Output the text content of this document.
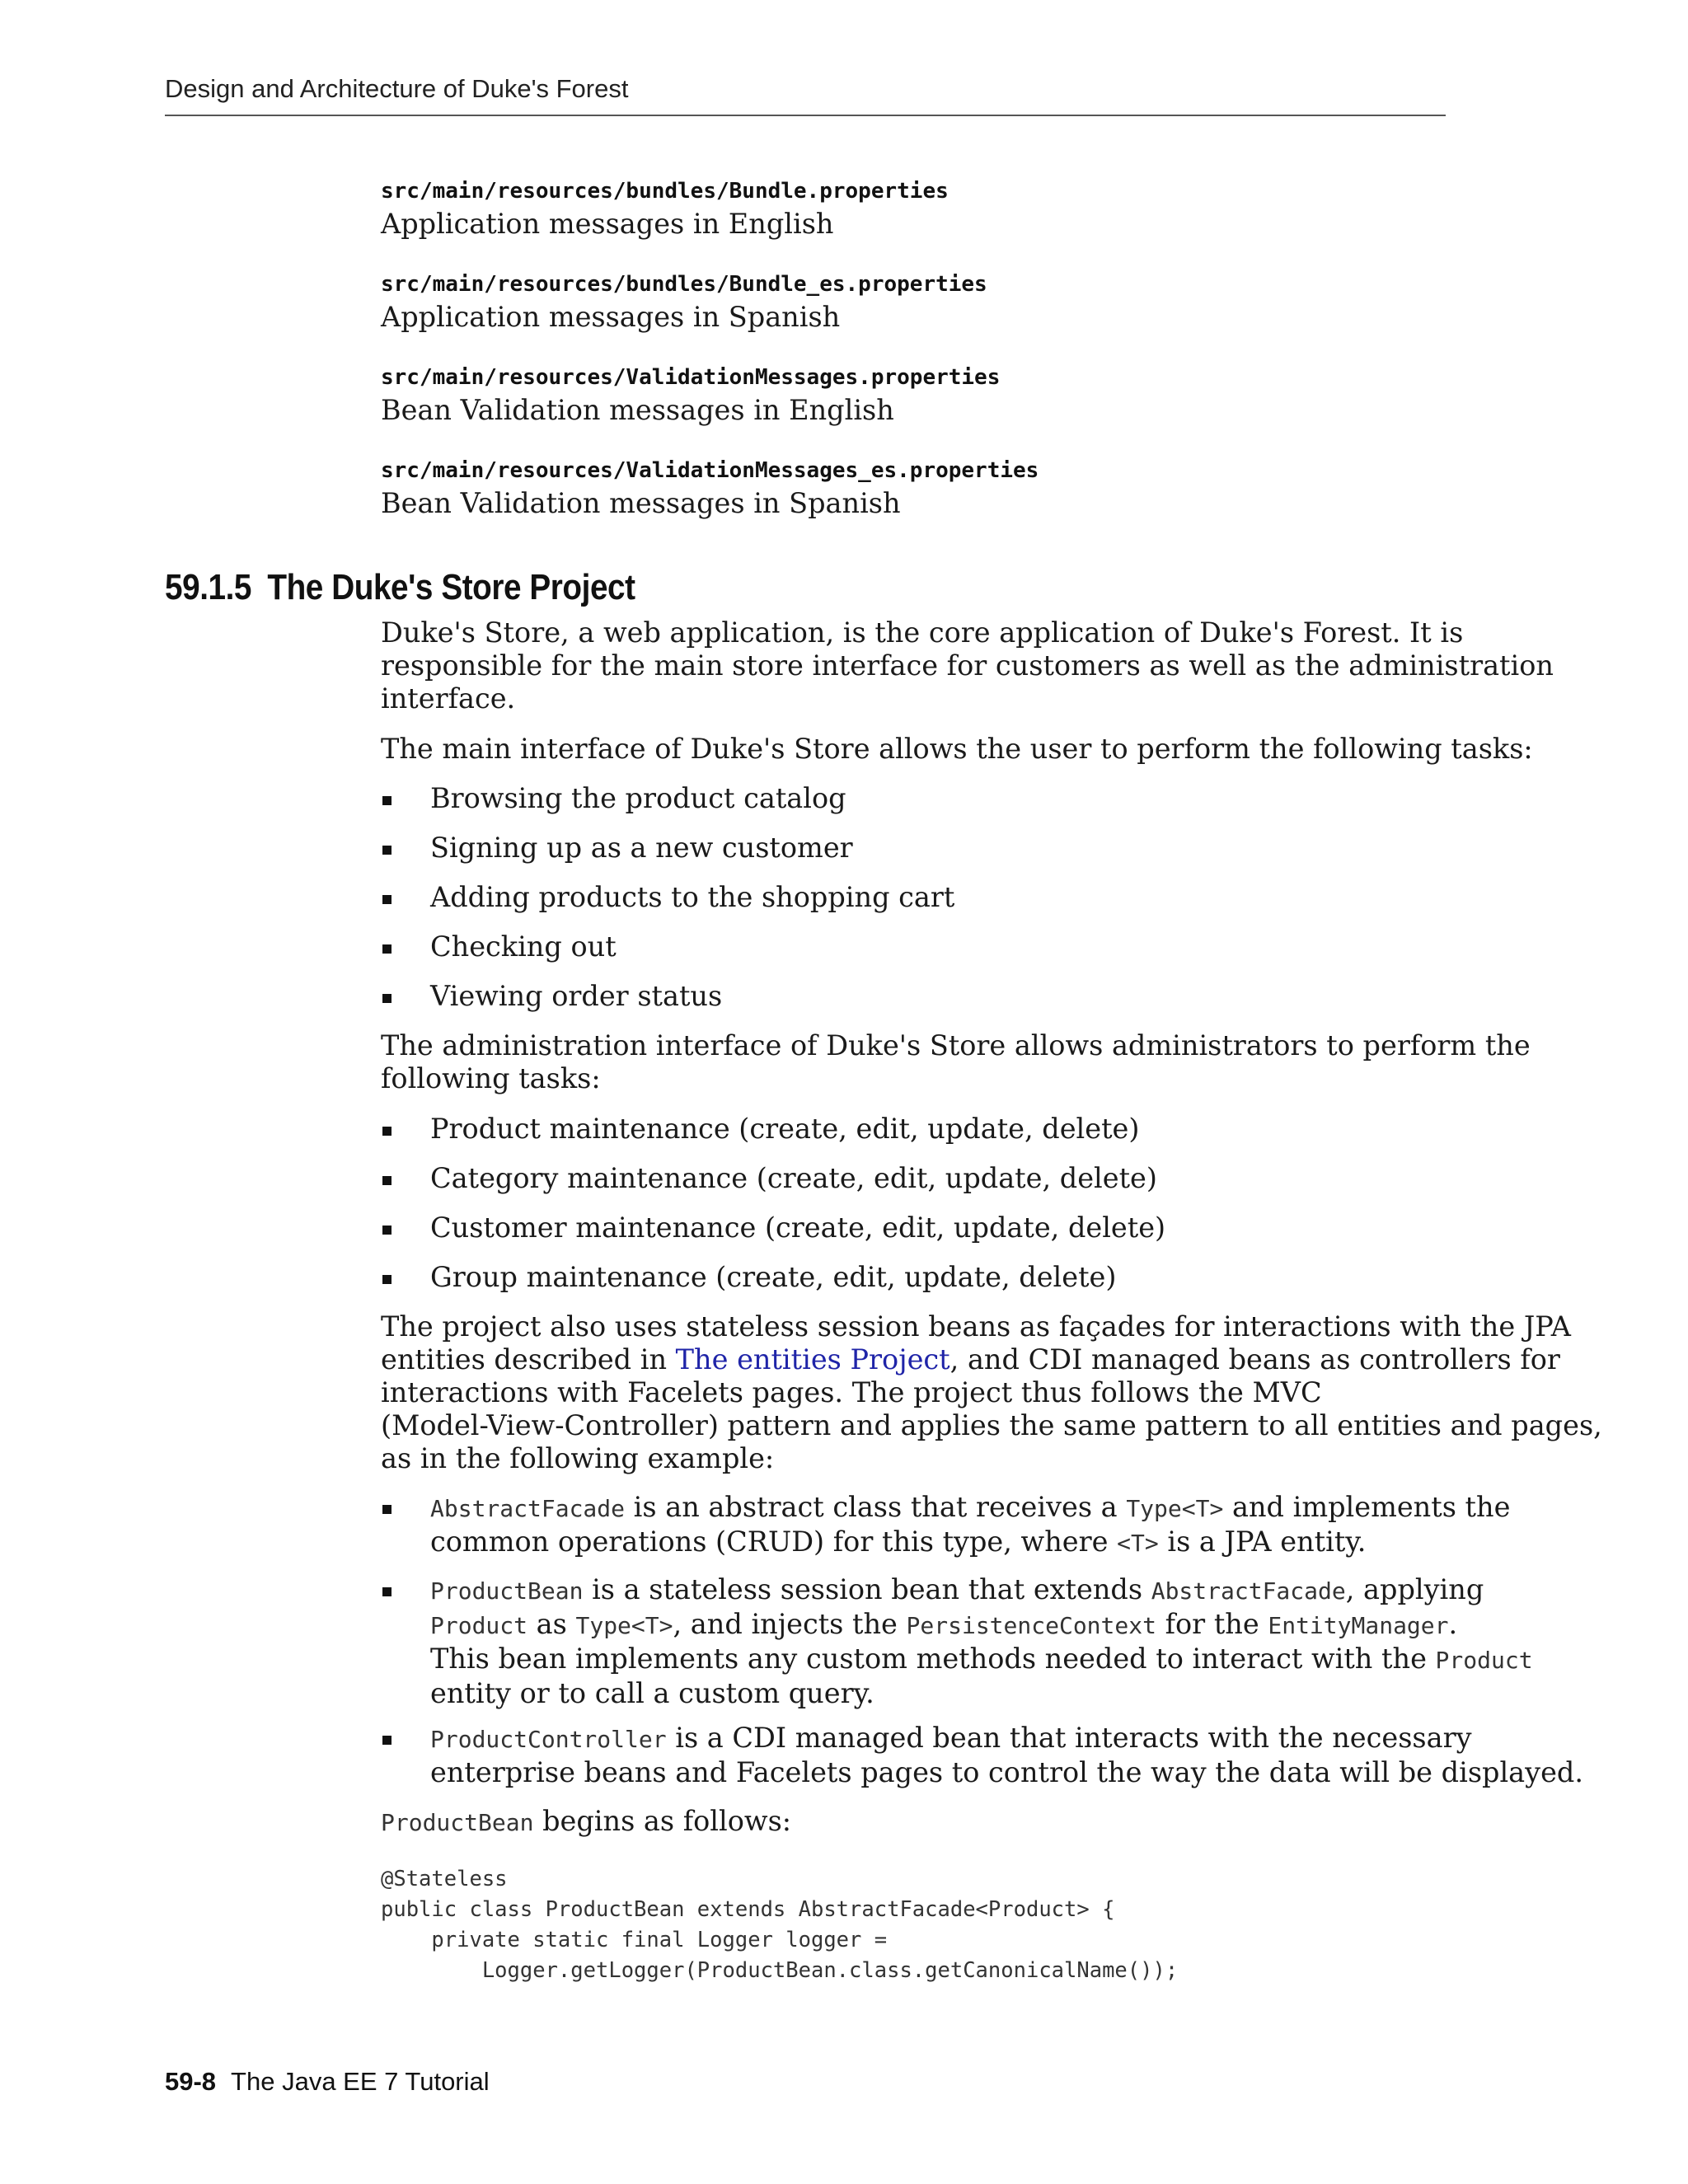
Design and Architecture of Duke's Forest
src/main/resources/bundles/Bundle.properties
Application messages in English
src/main/resources/bundles/Bundle_es.properties
Application messages in Spanish
src/main/resources/ValidationMessages.properties
Bean Validation messages in English
src/main/resources/ValidationMessages_es.properties
Bean Validation messages in Spanish
59.1.5 The Duke's Store Project
Duke's Store, a web application, is the core application of Duke's Forest. It is
responsible for the main store interface for customers as well as the administration
interface.
The main interface of Duke's Store allows the user to perform the following tasks:
Browsing the product catalog
Signing up as a new customer
Adding products to the shopping cart
Checking out
Viewing order status
The administration interface of Duke's Store allows administrators to perform the
following tasks:
Product maintenance (create, edit, update, delete)
Category maintenance (create, edit, update, delete)
Customer maintenance (create, edit, update, delete)
Group maintenance (create, edit, update, delete)
The project also uses stateless session beans as façades for interactions with the JPA
entities described in The entities Project, and CDI managed beans as controllers for
interactions with Facelets pages. The project thus follows the MVC
(Model-View-Controller) pattern and applies the same pattern to all entities and pages,
as in the following example:
AbstractFacade is an abstract class that receives a Type<T> and implements the
common operations (CRUD) for this type, where <T> is a JPA entity.
ProductBean is a stateless session bean that extends AbstractFacade, applying
Product as Type<T>, and injects the PersistenceContext for the EntityManager.
This bean implements any custom methods needed to interact with the Product
entity or to call a custom query.
ProductController is a CDI managed bean that interacts with the necessary
enterprise beans and Facelets pages to control the way the data will be displayed.
ProductBean begins as follows:
@Stateless
public class ProductBean extends AbstractFacade<Product> {
private static final Logger logger =
Logger.getLogger(ProductBean.class.getCanonicalName());
59-8 The Java EE 7 Tutorial
